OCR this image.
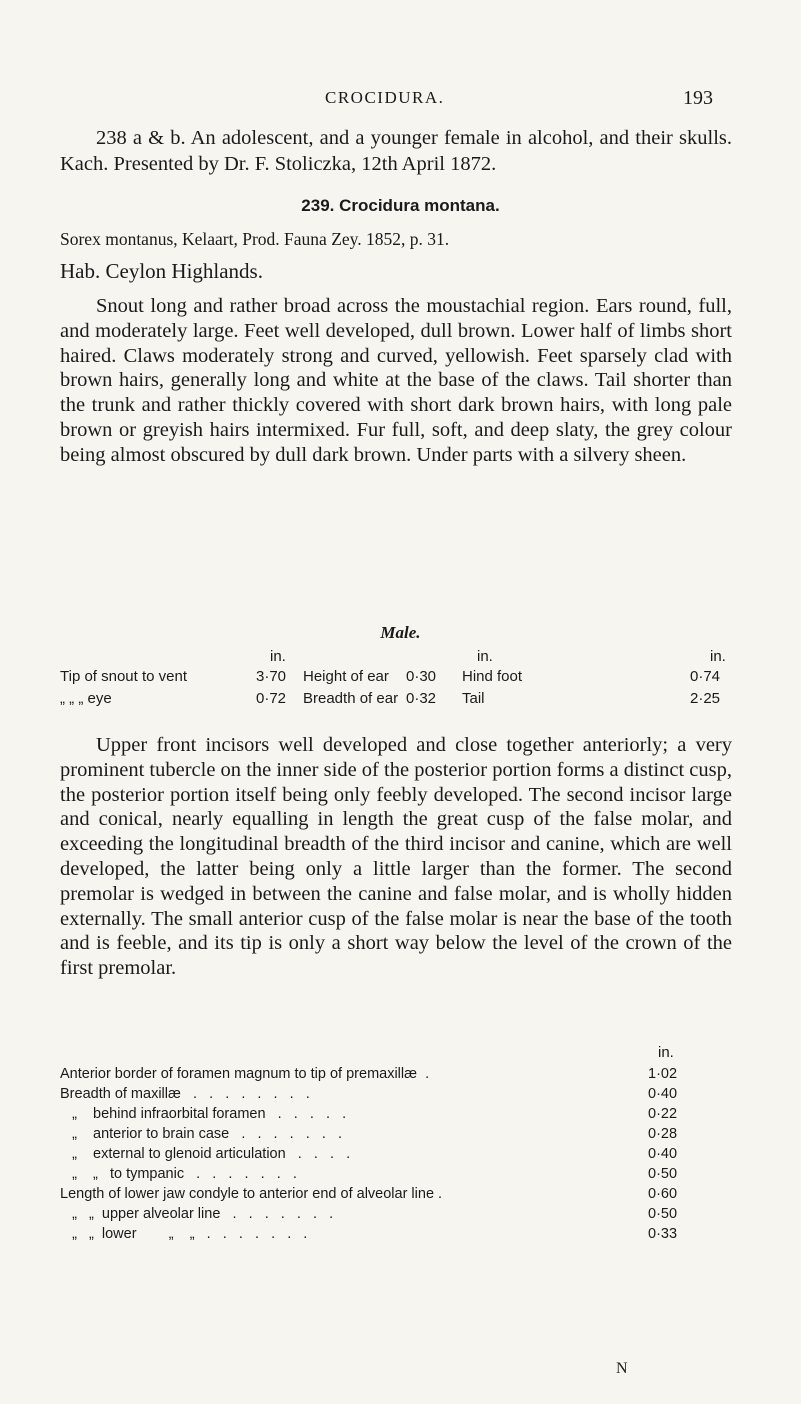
CROCIDURA.	193
238 a & b. An adolescent, and a younger female in alcohol, and their skulls. Kach. Presented by Dr. F. Stoliczka, 12th April 1872.
239. Crocidura montana.
Sorex montanus, Kelaart, Prod. Fauna Zey. 1852, p. 31.
Hab. Ceylon Highlands.
Snout long and rather broad across the moustachial region. Ears round, full, and moderately large. Feet well developed, dull brown. Lower half of limbs short haired. Claws moderately strong and curved, yellowish. Feet sparsely clad with brown hairs, generally long and white at the base of the claws. Tail shorter than the trunk and rather thickly covered with short dark brown hairs, with long pale brown or greyish hairs intermixed. Fur full, soft, and deep slaty, the grey colour being almost obscured by dull dark brown. Under parts with a silvery sheen.
Male.
in.	in.	in.
Tip of snout to vent	3·70 Height of ear 0·30 Hind foot	0·74
„ „ „ eye	0·72 Breadth of ear 0·32 Tail	2·25
Upper front incisors well developed and close together anteriorly; a very prominent tubercle on the inner side of the posterior portion forms a distinct cusp, the posterior portion itself being only feebly developed. The second incisor large and conical, nearly equalling in length the great cusp of the false molar, and exceeding the longitudinal breadth of the third incisor and canine, which are well developed, the latter being only a little larger than the former. The second premolar is wedged in between the canine and false molar, and is wholly hidden externally. The small anterior cusp of the false molar is near the base of the tooth and is feeble, and its tip is only a short way below the level of the crown of the first premolar.
in.
Anterior border of foramen magnum to tip of premaxillæ  .	1·02
Breadth of maxillæ   .   .   .   .   .   .   .   .	0·40
„    behind infraorbital foramen   .   .   .   .   .	0·22
„    anterior to brain case   .   .   .   .   .   .   .	0·28
„    external to glenoid articulation   .   .   .   .	0·40
„    „   to tympanic   .   .   .   .   .   .   .	0·50
Length of lower jaw condyle to anterior end of alveolar line .	0·60
„   „  upper alveolar line   .   .   .   .   .   .   .	0·50
„   „  lower        „    „   .   .   .   .   .   .   .	0·33
N
